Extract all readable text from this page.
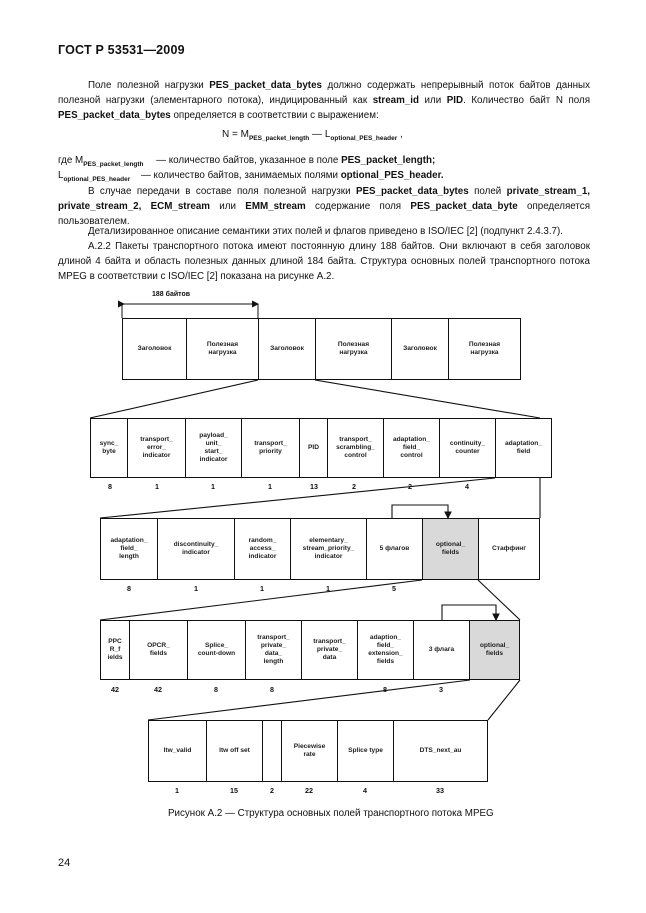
ГОСТ Р 53531—2009

Поле полезной нагрузки PES_packet_data_bytes должно содержать непрерывный поток байтов данных полезной нагрузки (элементарного потока), индицированный как stream_id или PID. Количество байт N поля PES_packet_data_bytes определяется в соответствии с выражением:

$N = M_{PES\_packet\_length}$ — $L_{optional\_PES\_header}$ ,
где $M_{PES\_packet\_length}$ — количество байтов, указанное в поле PES_packet_length;
$L_{optional\_PES\_header}$ — количество байтов, занимаемых полями optional_PES_header.

В случае передачи в составе поля полезной нагрузки PES_packet_data_bytes полей private_stream_1, private_stream_2, ECM_stream или EMM_stream содержание поля PES_packet_data_byte определяется пользователем.

Детализированное описание семантики этих полей и флагов приведено в ISO/IEC [2] (подпункт 2.4.3.7).

А.2.2 Пакеты транспортного потока имеют постоянную длину 188 байтов. Они включают в себя заголовок длиной 4 байта и область полезных данных длиной 184 байта. Структура основных полей транспортного потока MPEG в соответствии с ISO/IEC [2] показана на рисунке А.2.

188 байтов
Заголовок
Полезная
нагрузка
Заголовок
Полезная
нагрузка
Заголовок
Полезная
нагрузка
sync_
byte
transport_
error_
indicator
payload_
unit_
start_
indicator
transport_
priority
PID
transport_
scrambling_
control
adaptation_
field_
control
continuity_
counter
adaptation_
field
8	1	1	1	13	2	2	4
adaptation_
field_
length
discontinuity_
indicator
random_
access_
indicator
elementary_
stream_priority_
indicator
5 флагов
optional_
fields
Стаффинг
8	1	1	1	5
PPC
R_f
ields
OPCR_
fields
Splice_
count-down
transport_
private_
data_
length
transport_
private_
data
adaption_
field_
extension_
fields
3 флага
optional_
fields
42	42	8	8	8	3
ltw_valid	ltw off set
Piecewise
rate
Splice type	DTS_next_au
1	15	2	22	4	33
Рисунок А.2 — Структура основных полей транспортного потока MPEG
24
